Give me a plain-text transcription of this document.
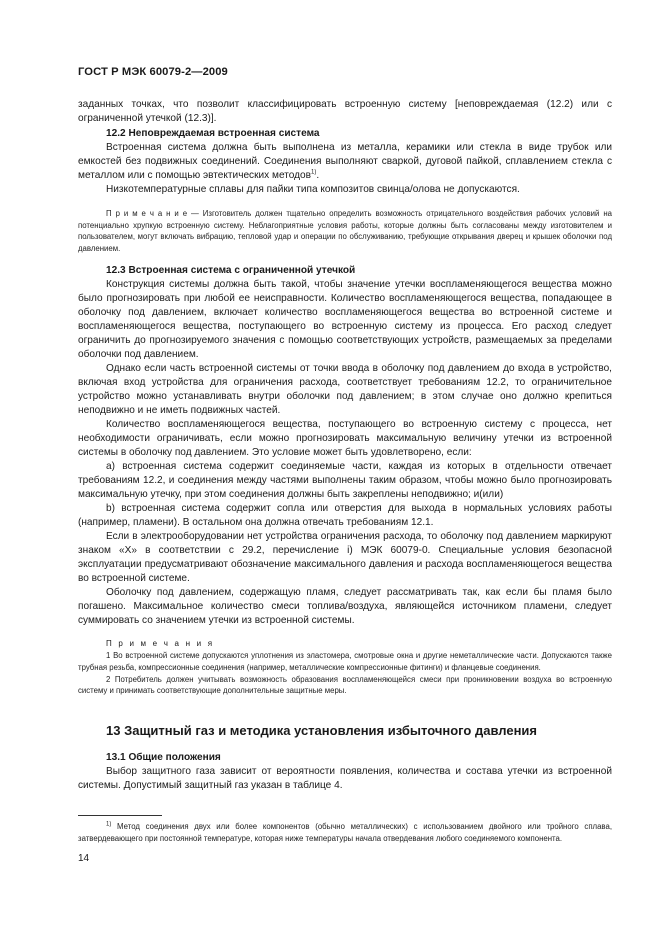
ГОСТ Р МЭК 60079-2—2009

заданных точках, что позволит классифицировать встроенную систему [неповреждаемая (12.2) или с ограниченной утечкой (12.3)].

12.2 Неповреждаемая встроенная система

Встроенная система должна быть выполнена из металла, керамики или стекла в виде трубок или емкостей без подвижных соединений. Соединения выполняют сваркой, дуговой пайкой, сплавлением стекла с металлом или с помощью эвтектических методов$^{1)}$.

Низкотемпературные сплавы для пайки типа композитов свинца/олова не допускаются.

П р и м е ч а н и е — Изготовитель должен тщательно определить возможность отрицательного воздействия рабочих условий на потенциально хрупкую встроенную систему. Неблагоприятные условия работы, которые должны быть согласованы между изготовителем и пользователем, могут включать вибрацию, тепловой удар и операции по обслуживанию, требующие открывания дверец и крышек оболочки под давлением.

12.3 Встроенная система с ограниченной утечкой

Конструкция системы должна быть такой, чтобы значение утечки воспламеняющегося вещества можно было прогнозировать при любой ее неисправности. Количество воспламеняющегося вещества, попадающее в оболочку под давлением, включает количество воспламеняющегося вещества во встроенной системе и воспламеняющегося вещества, поступающего во встроенную систему из процесса. Его расход следует ограничить до прогнозируемого значения с помощью соответствующих устройств, размещаемых за пределами оболочки под давлением.

Однако если часть встроенной системы от точки ввода в оболочку под давлением до входа в устройство, включая вход устройства для ограничения расхода, соответствует требованиям 12.2, то ограничительное устройство можно устанавливать внутри оболочки под давлением; в этом случае оно должно крепиться неподвижно и не иметь подвижных частей.

Количество воспламеняющегося вещества, поступающего во встроенную систему с процесса, нет необходимости ограничивать, если можно прогнозировать максимальную величину утечки из встроенной системы в оболочку под давлением. Это условие может быть удовлетворено, если:

a) встроенная система содержит соединяемые части, каждая из которых в отдельности отвечает требованиям 12.2, и соединения между частями выполнены таким образом, чтобы можно было прогнозировать максимальную утечку, при этом соединения должны быть закреплены неподвижно; и(или)

b) встроенная система содержит сопла или отверстия для выхода в нормальных условиях работы (например, пламени). В остальном она должна отвечать требованиям 12.1.

Если в электрооборудовании нет устройства ограничения расхода, то оболочку под давлением маркируют знаком «X» в соответствии с 29.2, перечисление i) МЭК 60079-0. Специальные условия безопасной эксплуатации предусматривают обозначение максимального давления и расхода воспламеняющегося вещества во встроенной системе.

Оболочку под давлением, содержащую пламя, следует рассматривать так, как если бы пламя было погашено. Максимальное количество смеси топлива/воздуха, являющейся источником пламени, следует суммировать со значением утечки из встроенной системы.

П р и м е ч а н и я

1 Во встроенной системе допускаются уплотнения из эластомера, смотровые окна и другие неметаллические части. Допускаются также трубная резьба, компрессионные соединения (например, металлические компрессионные фитинги) и фланцевые соединения.

2 Потребитель должен учитывать возможность образования воспламеняющейся смеси при проникновении воздуха во встроенную систему и принимать соответствующие дополнительные защитные меры.

13 Защитный газ и методика установления избыточного давления
13.1 Общие положения

Выбор защитного газа зависит от вероятности появления, количества и состава утечки из встроенной системы. Допустимый защитный газ указан в таблице 4.

$^{1)}$ Метод соединения двух или более компонентов (обычно металлических) с использованием двойного или тройного сплава, затвердевающего при постоянной температуре, которая ниже температуры начала отвердевания любого соединяемого компонента.

14
